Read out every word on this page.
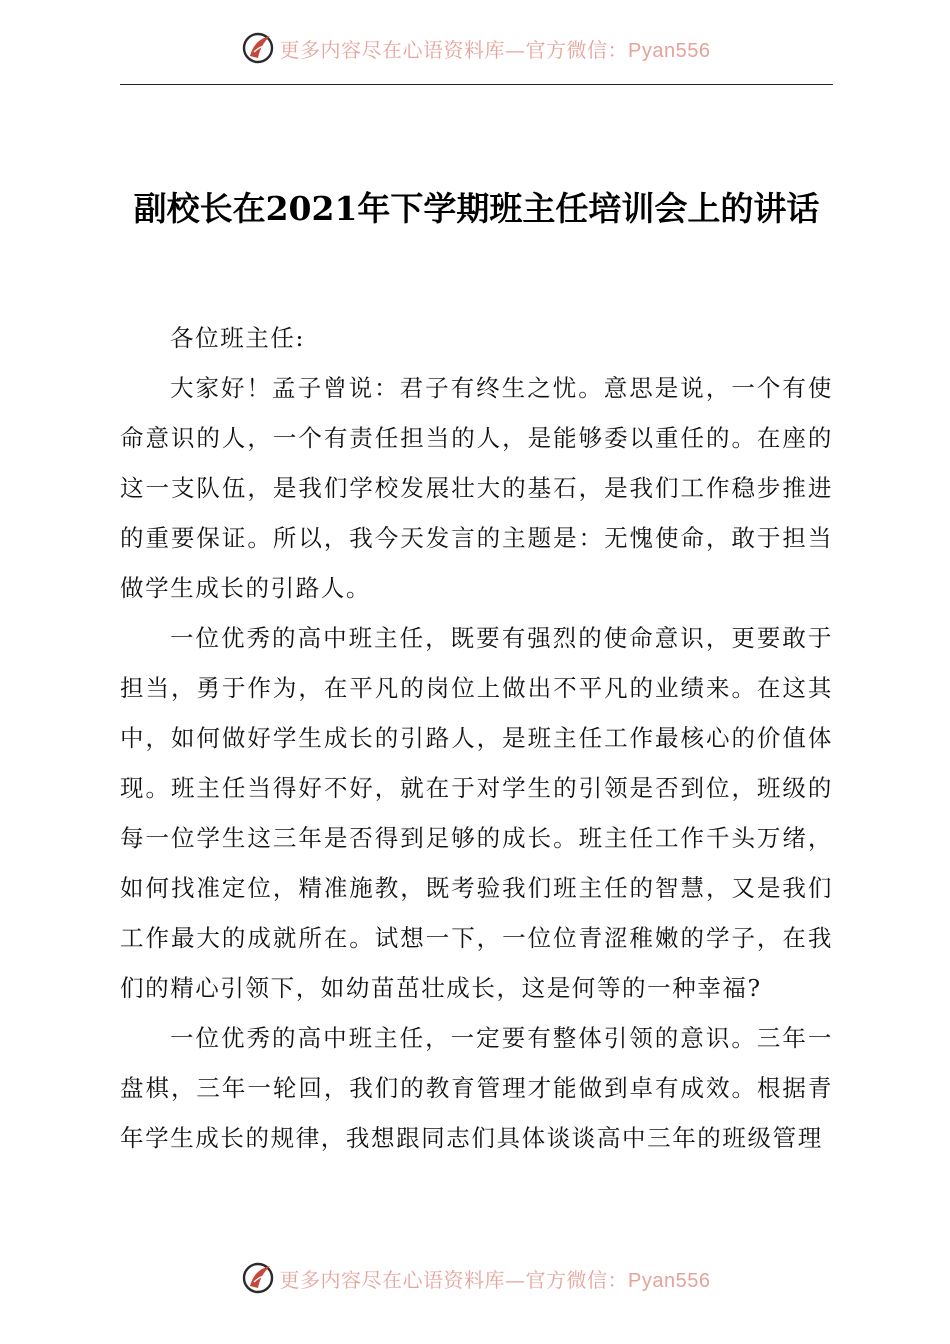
更多内容尽在心语资料库—官方微信：Pyan556
副校长在2021年下学期班主任培训会上的讲话

各位班主任:

大家好！孟子曾说：君子有终生之忧。意思是说，一个有使命意识的人，一个有责任担当的人，是能够委以重任的。在座的这一支队伍，是我们学校发展壮大的基石，是我们工作稳步推进的重要保证。所以，我今天发言的主题是：无愧使命，敢于担当做学生成长的引路人。

一位优秀的高中班主任，既要有强烈的使命意识，更要敢于担当，勇于作为，在平凡的岗位上做出不平凡的业绩来。在这其中，如何做好学生成长的引路人，是班主任工作最核心的价值体现。班主任当得好不好，就在于对学生的引领是否到位，班级的每一位学生这三年是否得到足够的成长。班主任工作千头万绪，如何找准定位，精准施教，既考验我们班主任的智慧，又是我们工作最大的成就所在。试想一下，一位位青涩稚嫩的学子，在我们的精心引领下，如幼苗茁壮成长，这是何等的一种幸福?

一位优秀的高中班主任，一定要有整体引领的意识。三年一盘棋，三年一轮回，我们的教育管理才能做到卓有成效。根据青年学生成长的规律，我想跟同志们具体谈谈高中三年的班级管理

更多内容尽在心语资料库—官方微信：Pyan556
